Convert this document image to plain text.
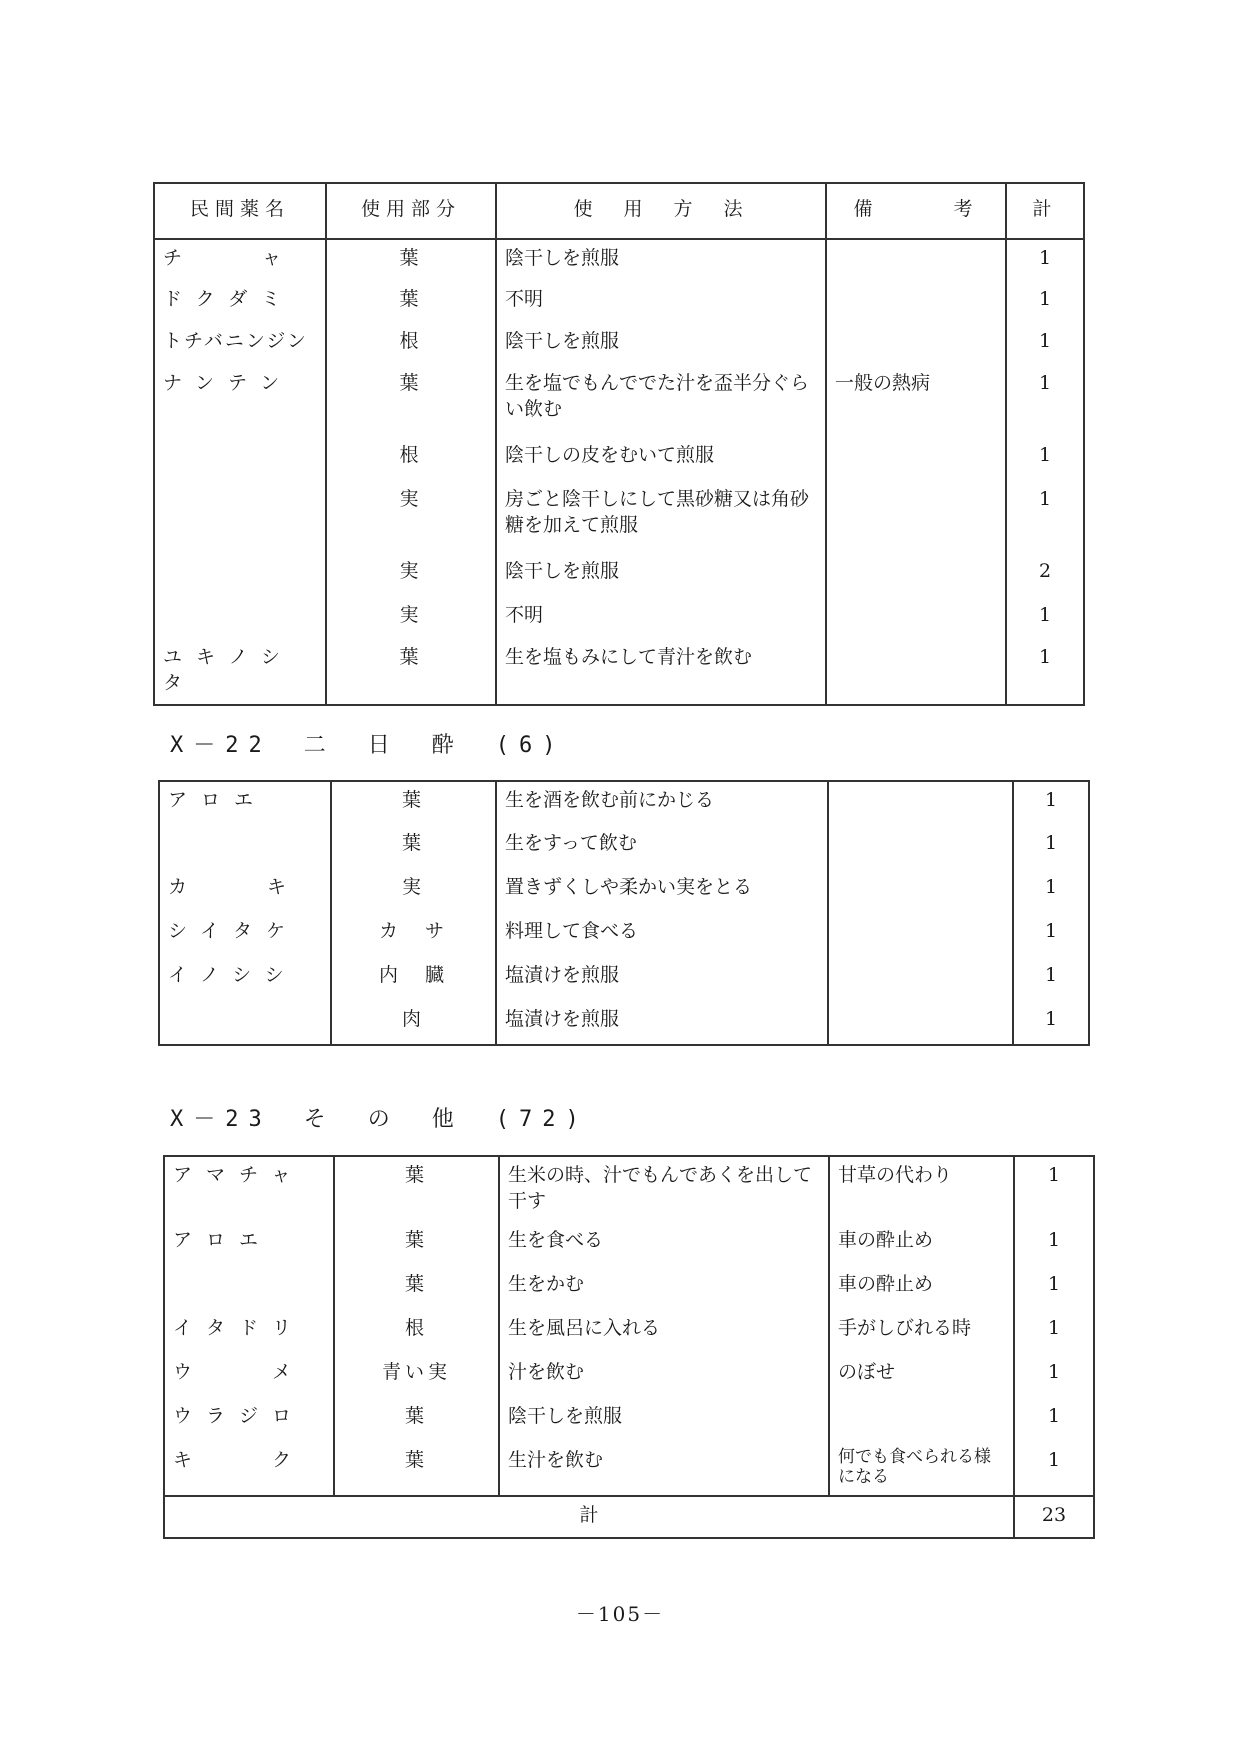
民間薬名	使用部分	使　用　方　法	備　　　考	計
チ　　ャ	葉	陰干しを煎服		1
ドクダミ	葉	不明		1
トチバニンジン	根	陰干しを煎服		1
ナンテン	葉	生を塩でもんででた汁を盃半分ぐらい飲む	一般の熱病	1
	根	陰干しの皮をむいて煎服		1
	実	房ごと陰干しにして黒砂糖又は角砂糖を加えて煎服		1
	実	陰干しを煎服		2
	実	不明		1
ユキノシタ	葉	生を塩もみにして青汁を飲む		1
X－22　二　日　酔　(6)
アロエ	葉	生を酒を飲む前にかじる		1
	葉	生をすって飲む		1
カ　　キ	実	置きずくしや柔かい実をとる		1
シイタケ	カ　サ	料理して食べる		1
イノシシ	内　臓	塩漬けを煎服		1
	肉	塩漬けを煎服		1
X－23　そ　の　他　(72)
アマチャ	葉	生米の時、汁でもんであくを出して干す	甘草の代わり	1
アロエ	葉	生を食べる	車の酔止め	1
	葉	生をかむ	車の酔止め	1
イタドリ	根	生を風呂に入れる	手がしびれる時	1
ウ　　メ	青い実	汁を飲む	のぼせ	1
ウラジロ	葉	陰干しを煎服		1
キ　　ク	葉	生汁を飲む	何でも食べられる様になる	1
計				23
－105－
